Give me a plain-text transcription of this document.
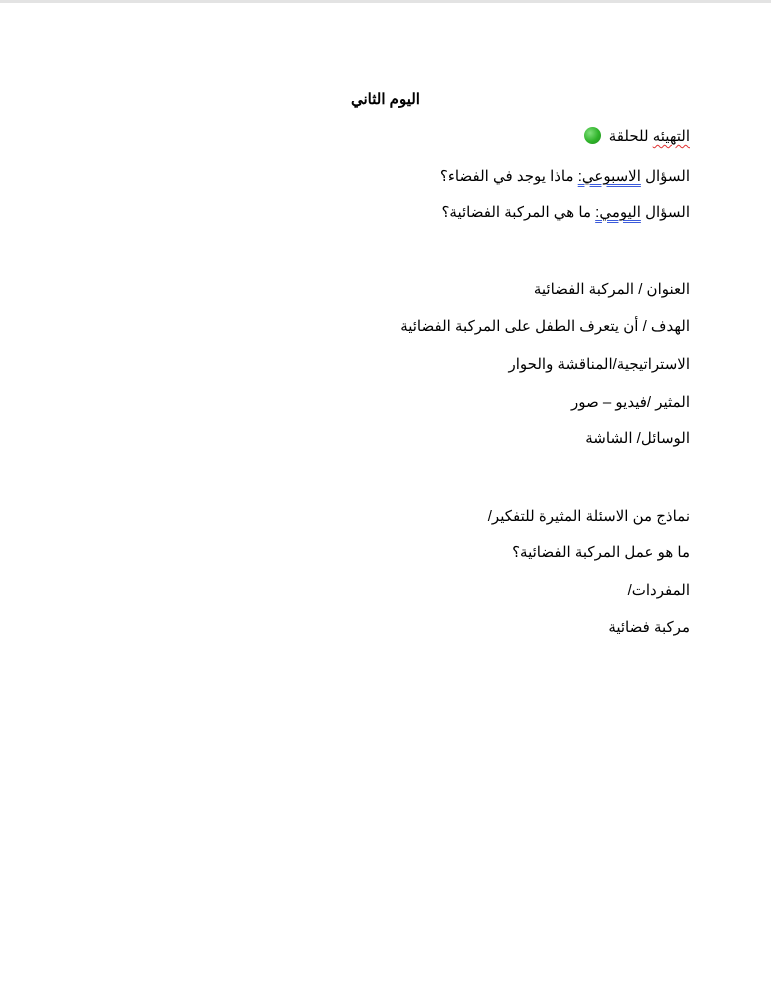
اليوم الثاني
التهيئه للحلقة
السؤال الاسبوعي: ماذا يوجد في الفضاء؟
السؤال اليومي: ما هي المركبة الفضائية؟
العنوان / المركبة الفضائية
الهدف / أن يتعرف الطفل على المركبة الفضائية
الاستراتيجية/المناقشة والحوار
المثير /فيديو – صور
الوسائل/ الشاشة
نماذج من الاسئلة المثيرة للتفكير/
ما هو عمل المركبة الفضائية؟
المفردات/
مركبة فضائية
